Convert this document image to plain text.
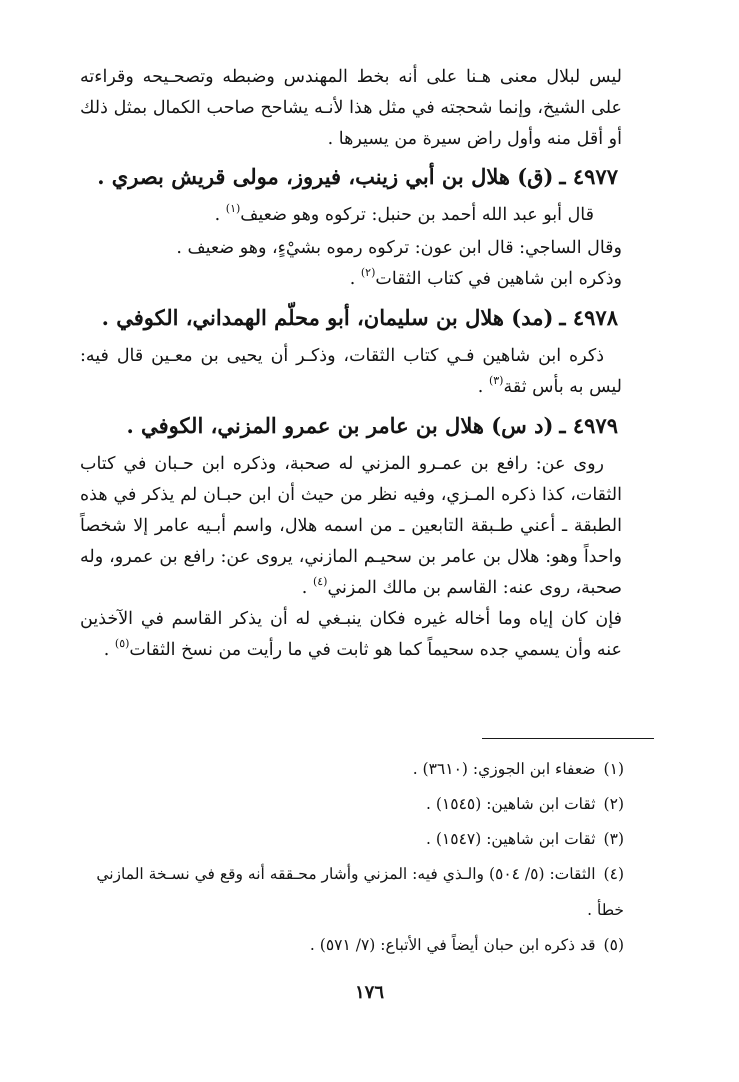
ليس لبلال معنى هـنا على أنه بخط المهندس وضبطه وتصحـيحه وقراءته على الشيخ، وإنما شحجته في مثل هذا لأنـه يشاحح صاحب الكمال بمثل ذلك أو أقل منه وأول راض سيرة من يسيرها .

٤٩٧٧ ـ(ق) هلال بن أبي زينب، فيروز، مولى قريش بصري .

قال أبو عبد الله أحمد بن حنبل: تركوه وهو ضعيف$^{(١)}$ .

وقال الساجي: قال ابن عون: تركوه رموه بشيْءٍ، وهو ضعيف .

وذكره ابن شاهين في كتاب الثقات$^{(٢)}$ .

٤٩٧٨ ـ(مد) هلال بن سليمان، أبو محلّم الهمداني، الكوفي .

ذكره ابن شاهين فـي كتاب الثقات، وذكـر أن يحيى بن معـين قال فيه: ليس به بأس ثقة$^{(٣)}$ .

٤٩٧٩ ـ(د س) هلال بن عامر بن عمرو المزني، الكوفي .

روى عن: رافع بن عمـرو المزني له صحبة، وذكره ابن حـبان في كتاب الثقات، كذا ذكره المـزي، وفيه نظر من حيث أن ابن حبـان لم يذكر في هذه الطبقة ـ أعني طـبقة التابعين ـ من اسمه هلال، واسم أبـيه عامر إلا شخصاً واحداً وهو: هلال بن عامر بن سحيـم المازني، يروى عن: رافع بن عمرو، وله صحبة، روى عنه: القاسم بن مالك المزني$^{(٤)}$ .

فإن كان إياه وما أخاله غيره فكان ينبـغي له أن يذكر القاسم في الآخذين عنه وأن يسمي جده سحيماً كما هو ثابت في ما رأيت من نسخ الثقات$^{(٥)}$ .

(١)ضعفاء ابن الجوزي: (٣٦١٠) .
(٢)ثقات ابن شاهين: (١٥٤٥) .
(٣)ثقات ابن شاهين: (١٥٤٧) .
(٤)الثقات: (٥/ ٥٠٤) والـذي فيه: المزني وأشار محـققه أنه وقع في نسـخة المازني
خطأ .
(٥)قد ذكره ابن حبان أيضاً في الأتباع: (٧/ ٥٧١) .
١٧٦
